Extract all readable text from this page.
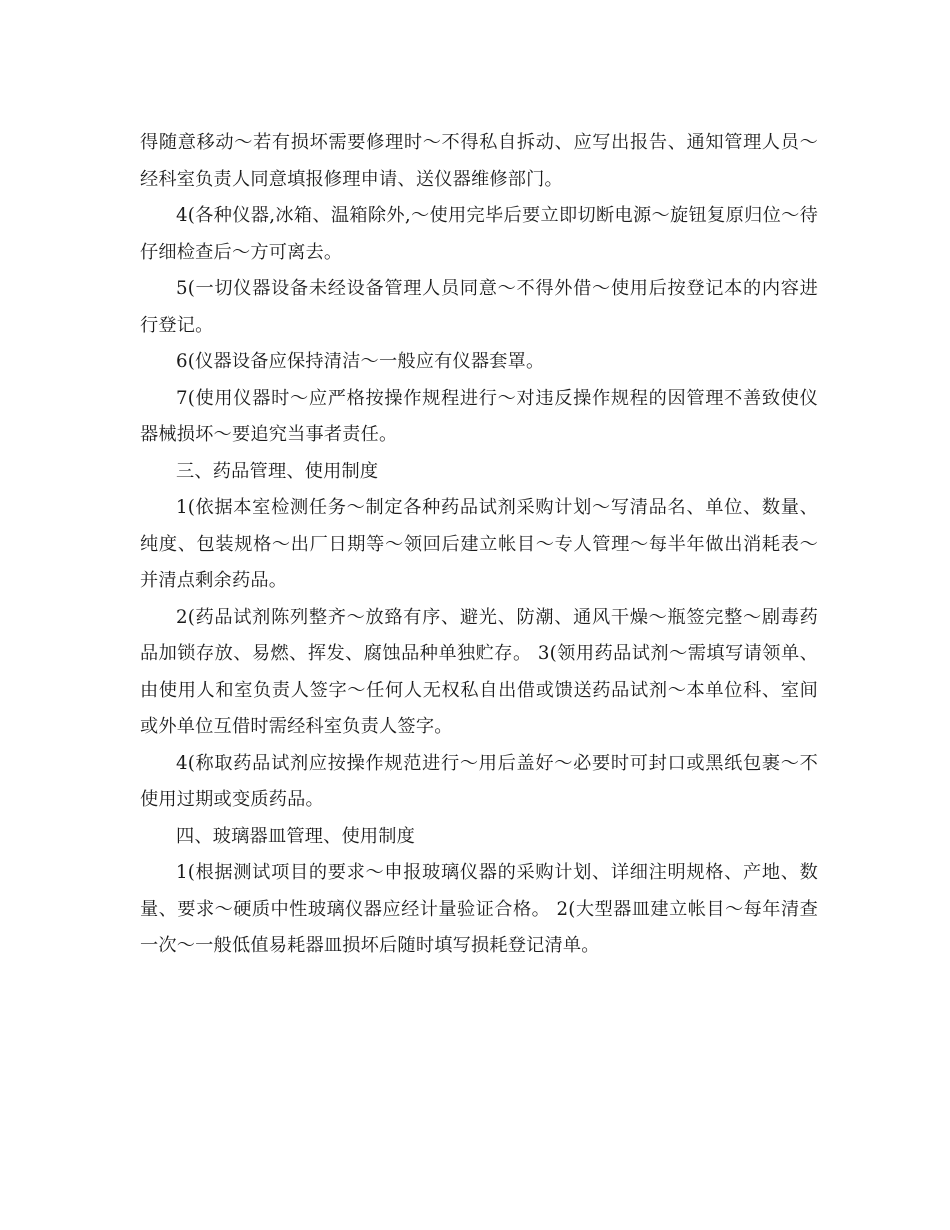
得随意移动～若有损坏需要修理时～不得私自拆动、应写出报告、通知管理人员～经科室负责人同意填报修理申请、送仪器维修部门。

4(各种仪器,冰箱、温箱除外,～使用完毕后要立即切断电源～旋钮复原归位～待仔细检查后～方可离去。

5(一切仪器设备未经设备管理人员同意～不得外借～使用后按登记本的内容进行登记。

6(仪器设备应保持清洁～一般应有仪器套罩。

7(使用仪器时～应严格按操作规程进行～对违反操作规程的因管理不善致使仪器械损坏～要追究当事者责任。

三、药品管理、使用制度

1(依据本室检测任务～制定各种药品试剂采购计划～写清品名、单位、数量、纯度、包装规格～出厂日期等～领回后建立帐目～专人管理～每半年做出消耗表～并清点剩余药品。

2(药品试剂陈列整齐～放臵有序、避光、防潮、通风干燥～瓶签完整～剧毒药品加锁存放、易燃、挥发、腐蚀品种单独贮存。 3(领用药品试剂～需填写请领单、由使用人和室负责人签字～任何人无权私自出借或馈送药品试剂～本单位科、室间或外单位互借时需经科室负责人签字。

4(称取药品试剂应按操作规范进行～用后盖好～必要时可封口或黑纸包裹～不使用过期或变质药品。

四、玻璃器皿管理、使用制度

1(根据测试项目的要求～申报玻璃仪器的采购计划、详细注明规格、产地、数量、要求～硬质中性玻璃仪器应经计量验证合格。 2(大型器皿建立帐目～每年清查一次～一般低值易耗器皿损坏后随时填写损耗登记清单。
